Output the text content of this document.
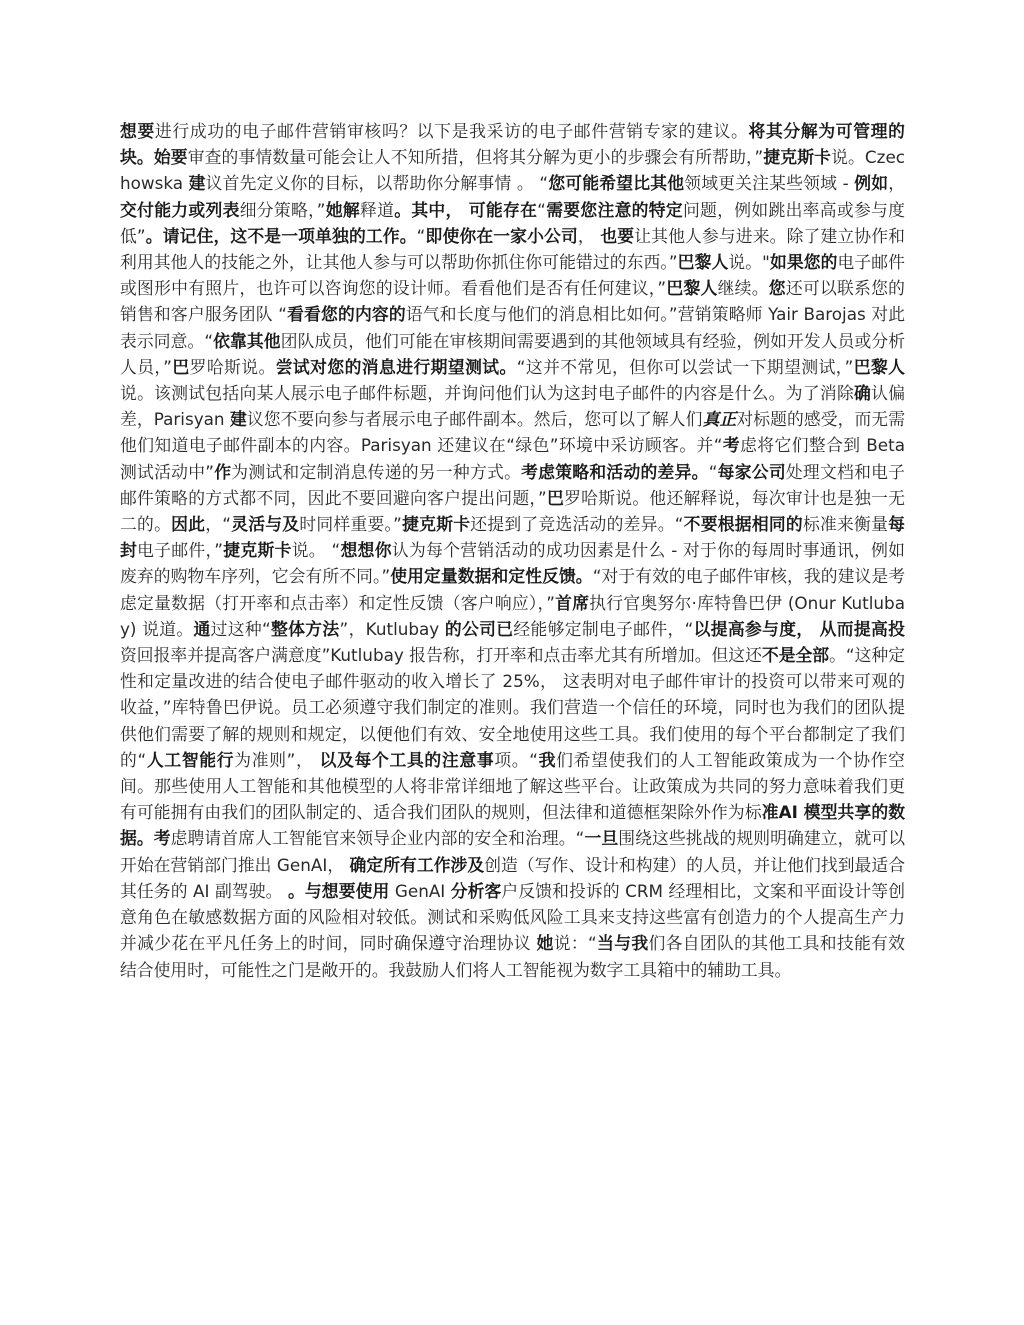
想要进行成功的电子邮件营销审核吗？以下是我采访的电子邮件营销专家的建议。将其分解为可管理的块。始要审查的事情数量可能会让人不知所措，但将其分解为更小的步骤会有所帮助，”捷克斯卡说。Czechowska 建议首先定义你的目标，以帮助你分解事情 。 “您可能希望比其他领域更关注某些领域 - 例如， 交付能力或列表细分策略，”她解释道。其中， 可能存在“需要您注意的特定问题，例如跳出率高或参与度低”。请记住，这不是一项单独的工作。“即使你在一家小公司， 也要让其他人参与进来。除了建立协作和利用其他人的技能之外，让其他人参与可以帮助你抓住你可能错过的东西。”巴黎人说。"如果您的电子邮件或图形中有照片，也许可以咨询您的设计师。看看他们是否有任何建议，”巴黎人继续。您还可以联系您的销售和客户服务团队 “看看您的内容的语气和长度与他们的消息相比如何。”营销策略师 Yair Barojas 对此表示同意。“依靠其他团队成员，他们可能在审核期间需要遇到的其他领域具有经验，例如开发人员或分析人员，”巴罗哈斯说。尝试对您的消息进行期望测试。“这并不常见，但你可以尝试一下期望测试，”巴黎人说。该测试包括向某人展示电子邮件标题，并询问他们认为这封电子邮件的内容是什么。为了消除确认偏差，Parisyan 建议您不要向参与者展示电子邮件副本。然后，您可以了解人们真正对标题的感受，而无需他们知道电子邮件副本的内容。Parisyan 还建议在“绿色”环境中采访顾客。并“考虑将它们整合到 Beta 测试活动中”作为测试和定制消息传递的另一种方式。考虑策略和活动的差异。“每家公司处理文档和电子邮件策略的方式都不同，因此不要回避向客户提出问题，”巴罗哈斯说。他还解释说，每次审计也是独一无二的。因此，“灵活与及时同样重要。”捷克斯卡还提到了竞选活动的差异。“不要根据相同的标准来衡量每封电子邮件，”捷克斯卡说。 “想想你认为每个营销活动的成功因素是什么 - 对于你的每周时事通讯，例如废弃的购物车序列，它会有所不同。”使用定量数据和定性反馈。“对于有效的电子邮件审核，我的建议是考虑定量数据（打开率和点击率）和定性反馈（客户响应），”首席执行官奥努尔·库特鲁巴伊 (Onur Kutlubay) 说道。通过这种“整体方法”，Kutlubay 的公司已经能够定制电子邮件，“以提高参与度， 从而提高投资回报率并提高客户满意度”Kutlubay 报告称，打开率和点击率尤其有所增加。但这还不是全部。“这种定性和定量改进的结合使电子邮件驱动的收入增长了 25%， 这表明对电子邮件审计的投资可以带来可观的收益，”库特鲁巴伊说。员工必须遵守我们制定的准则。我们营造一个信任的环境，同时也为我们的团队提供他们需要了解的规则和规定，以便他们有效、安全地使用这些工具。我们使用的每个平台都制定了我们的“人工智能行为准则”， 以及每个工具的注意事项。“我们希望使我们的人工智能政策成为一个协作空间。那些使用人工智能和其他模型的人将非常详细地了解这些平台。让政策成为共同的努力意味着我们更有可能拥有由我们的团队制定的、适合我们团队的规则，但法律和道德框架除外作为标准AI 模型共享的数据。考虑聘请首席人工智能官来领导企业内部的安全和治理。“一旦围绕这些挑战的规则明确建立，就可以开始在营销部门推出 GenAI， 确定所有工作涉及创造（写作、设计和构建）的人员，并让他们找到最适合其任务的 AI 副驾驶。 。与想要使用 GenAI 分析客户反馈和投诉的 CRM 经理相比，文案和平面设计等创意角色在敏感数据方面的风险相对较低。测试和采购低风险工具来支持这些富有创造力的个人提高生产力并减少花在平凡任务上的时间，同时确保遵守治理协议 她说：“当与我们各自团队的其他工具和技能有效结合使用时，可能性之门是敞开的。我鼓励人们将人工智能视为数字工具箱中的辅助工具。
